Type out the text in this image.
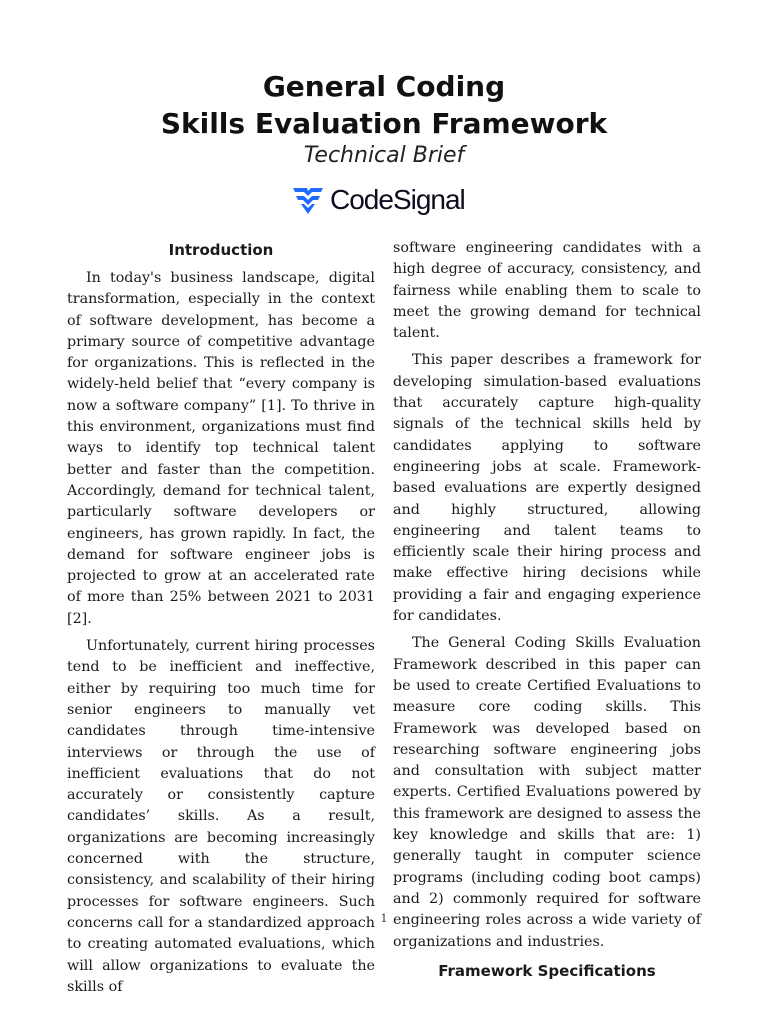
General Coding
Skills Evaluation Framework
Technical Brief
CodeSignal
Introduction

In today's business landscape, digital transformation, especially in the context of software development, has become a primary source of competitive advantage for organizations. This is reflected in the widely-held belief that “every company is now a software company” [1]. To thrive in this environment, organizations must find ways to identify top technical talent better and faster than the competition. Accordingly, demand for technical talent, particularly software developers or engineers, has grown rapidly. In fact, the demand for software engineer jobs is projected to grow at an accelerated rate of more than 25% between 2021 to 2031 [2].

Unfortunately, current hiring processes tend to be inefficient and ineffective, either by requiring too much time for senior engineers to manually vet candidates through time-intensive interviews or through the use of inefficient evaluations that do not accurately or consistently capture candidates’ skills. As a result, organizations are becoming increasingly concerned with the structure, consistency, and scalability of their hiring processes for software engineers. Such concerns call for a standardized approach to creating automated evaluations, which will allow organizations to evaluate the skills of

software engineering candidates with a high degree of accuracy, consistency, and fairness while enabling them to scale to meet the growing demand for technical talent.

This paper describes a framework for developing simulation-based evaluations that accurately capture high-quality signals of the technical skills held by candidates applying to software engineering jobs at scale. Framework-based evaluations are expertly designed and highly structured, allowing engineering and talent teams to efficiently scale their hiring process and make effective hiring decisions while providing a fair and engaging experience for candidates.

The General Coding Skills Evaluation Framework described in this paper can be used to create Certified Evaluations to measure core coding skills. This Framework was developed based on researching software engineering jobs and consultation with subject matter experts. Certified Evaluations powered by this framework are designed to assess the key knowledge and skills that are: 1) generally taught in computer science programs (including coding boot camps) and 2) commonly required for software engineering roles across a wide variety of organizations and industries.

Framework Specifications
1
